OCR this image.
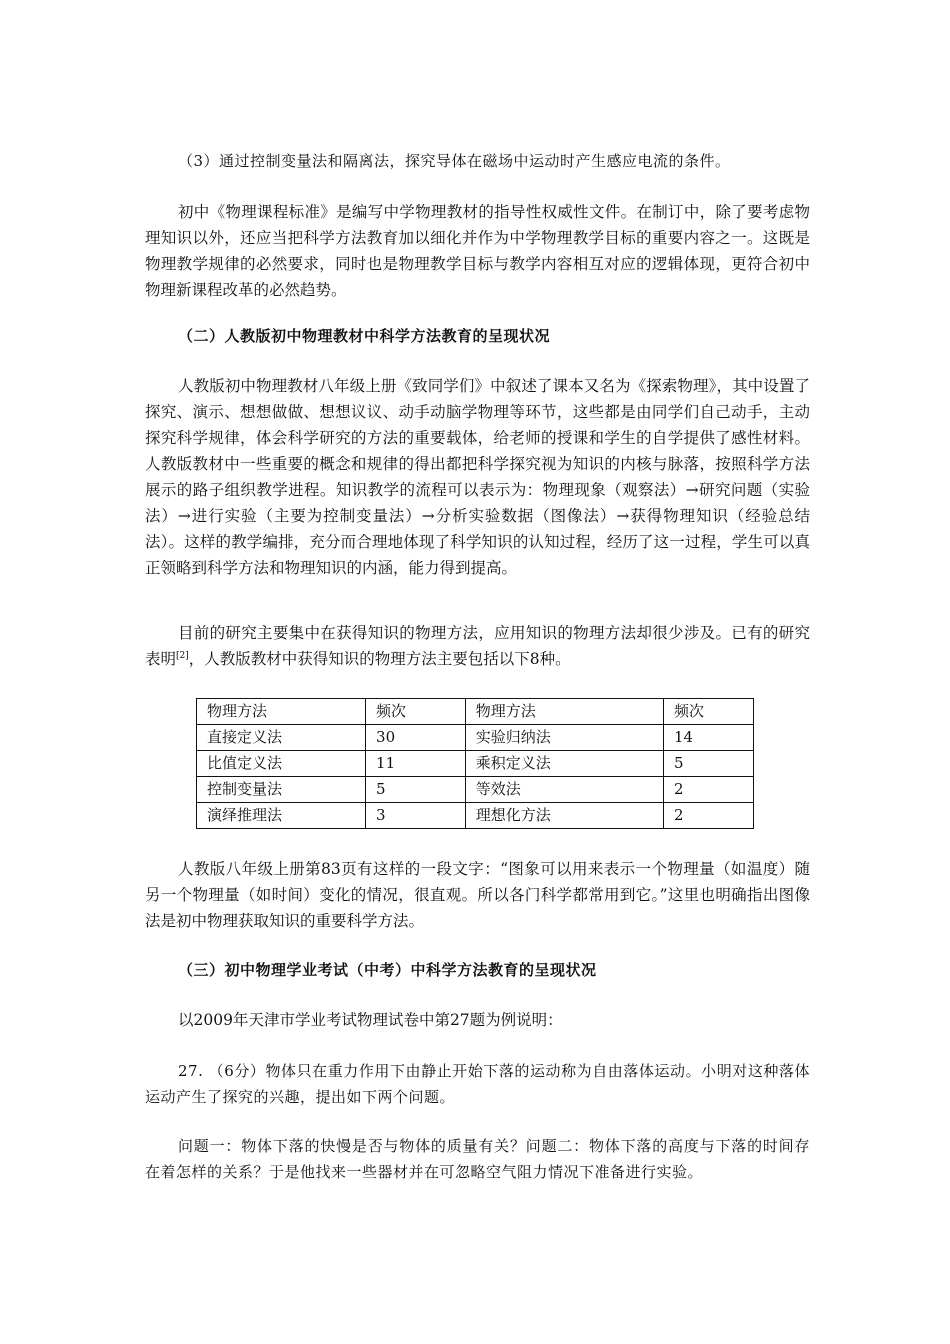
（3）通过控制变量法和隔离法，探究导体在磁场中运动时产生感应电流的条件。

初中《物理课程标准》是编写中学物理教材的指导性权威性文件。在制订中，除了要考虑物理知识以外，还应当把科学方法教育加以细化并作为中学物理教学目标的重要内容之一。这既是物理教学规律的必然要求，同时也是物理教学目标与教学内容相互对应的逻辑体现，更符合初中物理新课程改革的必然趋势。

（二）人教版初中物理教材中科学方法教育的呈现状况

人教版初中物理教材八年级上册《致同学们》中叙述了课本又名为《探索物理》，其中设置了探究、演示、想想做做、想想议议、动手动脑学物理等环节，这些都是由同学们自己动手，主动探究科学规律，体会科学研究的方法的重要载体，给老师的授课和学生的自学提供了感性材料。人教版教材中一些重要的概念和规律的得出都把科学探究视为知识的内核与脉落，按照科学方法展示的路子组织教学进程。知识教学的流程可以表示为：物理现象（观察法）→研究问题（实验法）→进行实验（主要为控制变量法）→分析实验数据（图像法）→获得物理知识（经验总结法）。这样的教学编排，充分而合理地体现了科学知识的认知过程，经历了这一过程，学生可以真正领略到科学方法和物理知识的内涵，能力得到提高。

目前的研究主要集中在获得知识的物理方法，应用知识的物理方法却很少涉及。已有的研究表明[2]，人教版教材中获得知识的物理方法主要包括以下8种。

物理方法	频次	物理方法	频次
直接定义法	30	实验归纳法	14
比值定义法	11	乘积定义法	5
控制变量法	5	等效法	2
演绎推理法	3	理想化方法	2

人教版八年级上册第83页有这样的一段文字：“图象可以用来表示一个物理量（如温度）随另一个物理量（如时间）变化的情况，很直观。所以各门科学都常用到它。”这里也明确指出图像法是初中物理获取知识的重要科学方法。

（三）初中物理学业考试（中考）中科学方法教育的呈现状况

以2009年天津市学业考试物理试卷中第27题为例说明：

27. （6分）物体只在重力作用下由静止开始下落的运动称为自由落体运动。小明对这种落体运动产生了探究的兴趣，提出如下两个问题。

问题一：物体下落的快慢是否与物体的质量有关？问题二：物体下落的高度与下落的时间存在着怎样的关系？于是他找来一些器材并在可忽略空气阻力情况下准备进行实验。
